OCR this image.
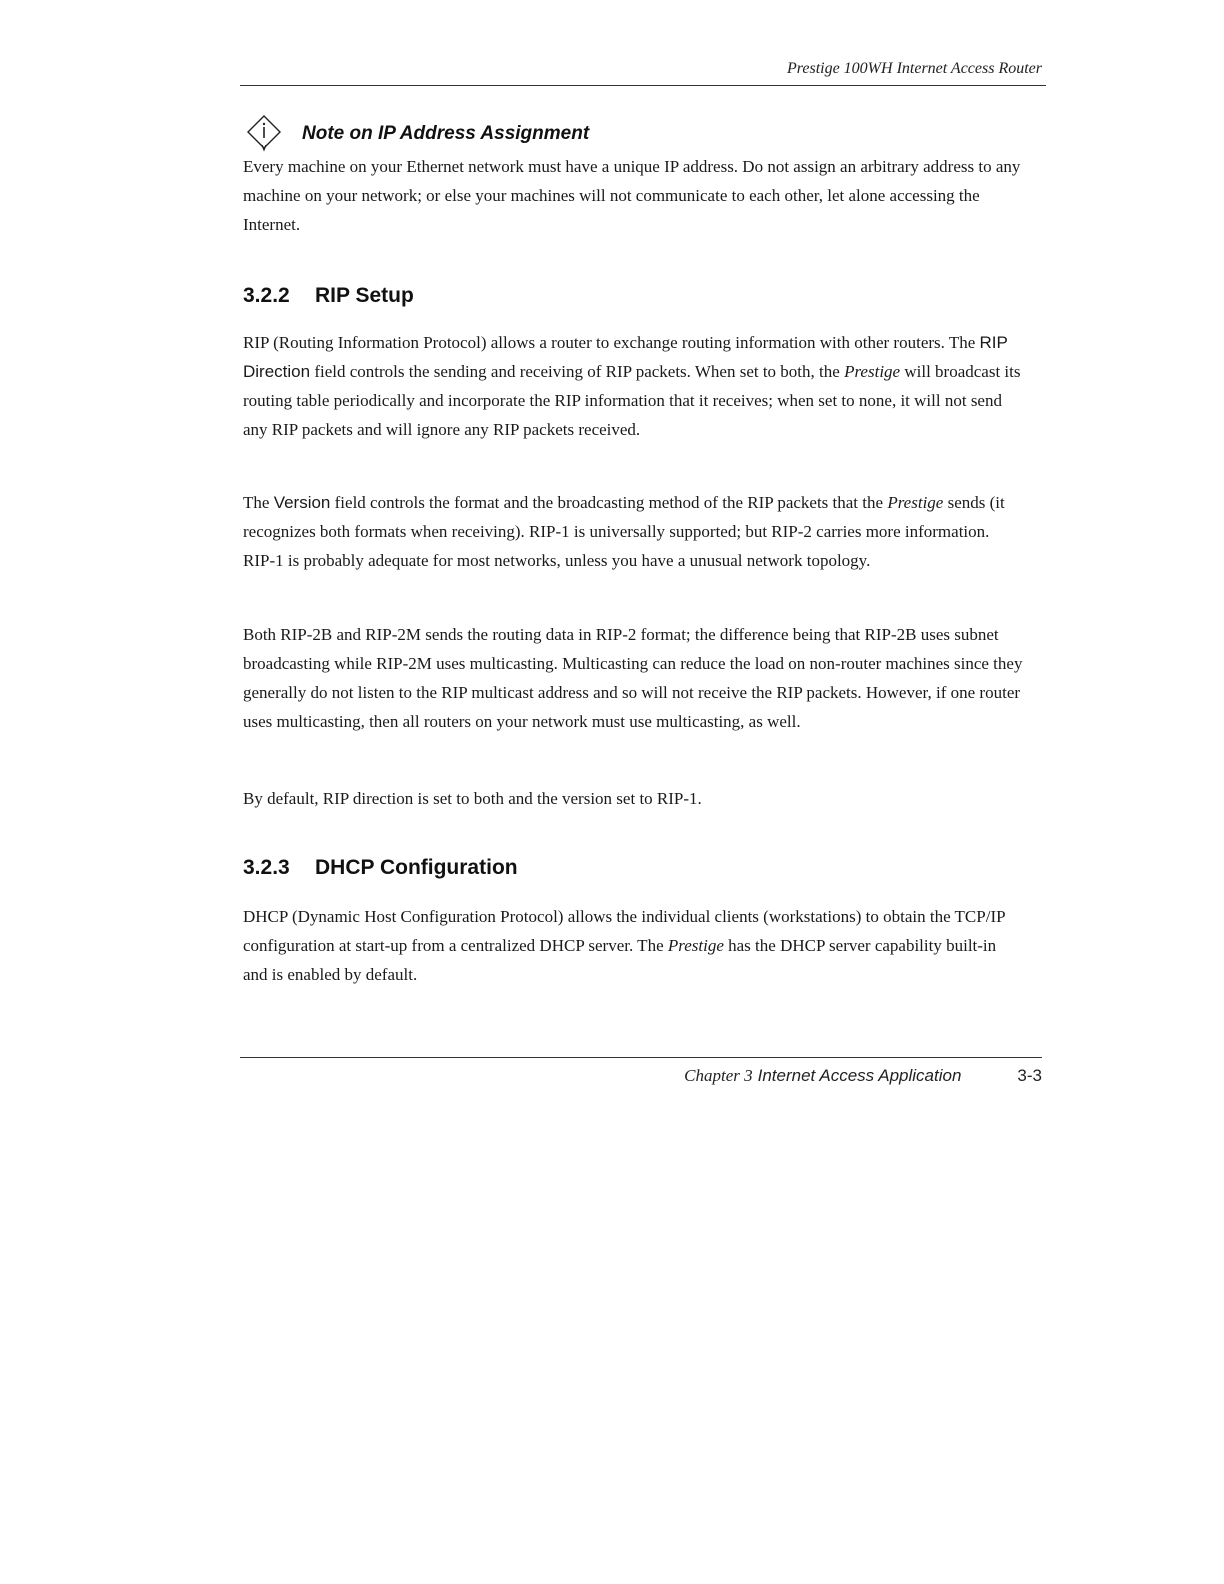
Prestige 100WH Internet Access Router
Note on IP Address Assignment

Every machine on your Ethernet network must have a unique IP address. Do not assign an arbitrary address to any machine on your network; or else your machines will not communicate to each other, let alone accessing the Internet.

3.2.2 RIP Setup

RIP (Routing Information Protocol) allows a router to exchange routing information with other routers. The RIP Direction field controls the sending and receiving of RIP packets. When set to both, the Prestige will broadcast its routing table periodically and incorporate the RIP information that it receives; when set to none, it will not send any RIP packets and will ignore any RIP packets received.

The Version field controls the format and the broadcasting method of the RIP packets that the Prestige sends (it recognizes both formats when receiving). RIP-1 is universally supported; but RIP-2 carries more information. RIP-1 is probably adequate for most networks, unless you have a unusual network topology.

Both RIP-2B and RIP-2M sends the routing data in RIP-2 format; the difference being that RIP-2B uses subnet broadcasting while RIP-2M uses multicasting. Multicasting can reduce the load on non-router machines since they generally do not listen to the RIP multicast address and so will not receive the RIP packets. However, if one router uses multicasting, then all routers on your network must use multicasting, as well.

By default, RIP direction is set to both and the version set to RIP-1.

3.2.3 DHCP Configuration

DHCP (Dynamic Host Configuration Protocol) allows the individual clients (workstations) to obtain the TCP/IP configuration at start-up from a centralized DHCP server. The Prestige has the DHCP server capability built-in and is enabled by default.

Chapter 3 Internet Access Application	3-3
